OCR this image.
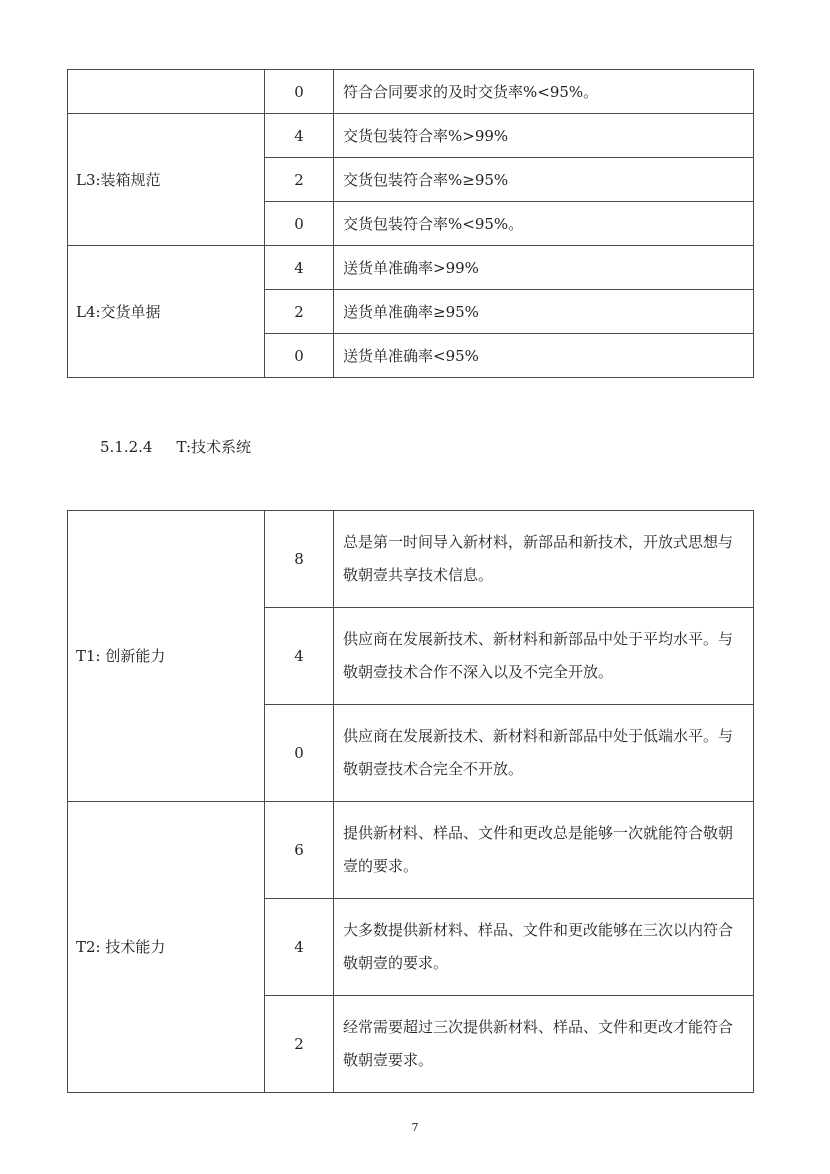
	0	符合合同要求的及时交货率%<95%。
L3:装箱规范	4	交货包装符合率%>99%
	2	交货包装符合率%≥95%
	0	交货包装符合率%<95%。
L4:交货单据	4	送货单准确率>99%
	2	送货单准确率≥95%
	0	送货单准确率<95%
5.1.2.4 T:技术系统
T1: 创新能力	8	总是第一时间导入新材料，新部品和新技术，开放式思想与敬朝壹共享技术信息。
	4	供应商在发展新技术、新材料和新部品中处于平均水平。与敬朝壹技术合作不深入以及不完全开放。
	0	供应商在发展新技术、新材料和新部品中处于低端水平。与敬朝壹技术合完全不开放。
T2: 技术能力	6	提供新材料、样品、文件和更改总是能够一次就能符合敬朝壹的要求。
	4	大多数提供新材料、样品、文件和更改能够在三次以内符合敬朝壹的要求。
	2	经常需要超过三次提供新材料、样品、文件和更改才能符合敬朝壹要求。
7
